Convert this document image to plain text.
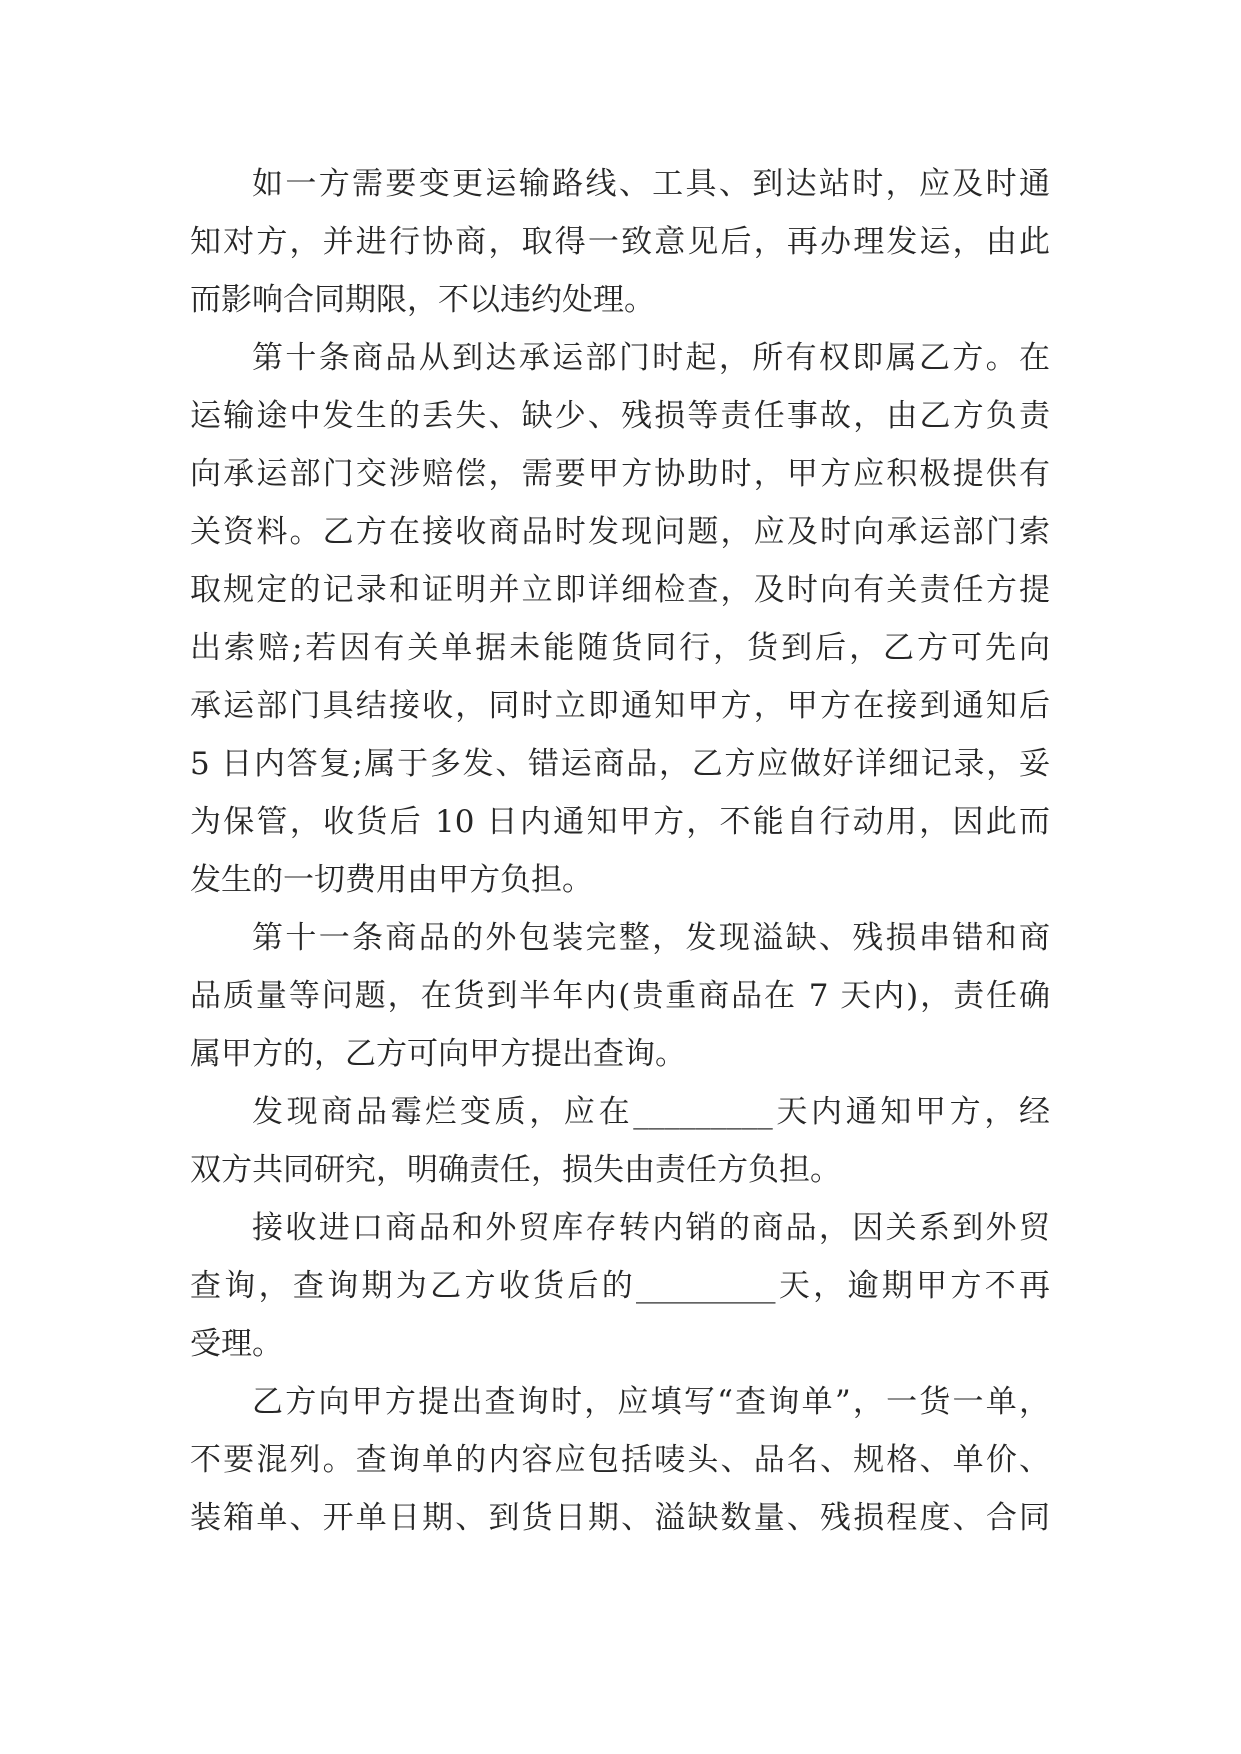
如一方需要变更运输路线、工具、到达站时，应及时通
知对方，并进行协商，取得一致意见后，再办理发运，由此
而影响合同期限，不以违约处理。
第十条商品从到达承运部门时起，所有权即属乙方。在
运输途中发生的丢失、缺少、残损等责任事故，由乙方负责
向承运部门交涉赔偿，需要甲方协助时，甲方应积极提供有
关资料。乙方在接收商品时发现问题，应及时向承运部门索
取规定的记录和证明并立即详细检查，及时向有关责任方提
出索赔;若因有关单据未能随货同行，货到后，乙方可先向
承运部门具结接收，同时立即通知甲方，甲方在接到通知后
5 日内答复;属于多发、错运商品，乙方应做好详细记录，妥
为保管，收货后 10 日内通知甲方，不能自行动用，因此而
发生的一切费用由甲方负担。
第十一条商品的外包装完整，发现溢缺、残损串错和商
品质量等问题，在货到半年内(贵重商品在 7 天内)，责任确
属甲方的，乙方可向甲方提出查询。
发现商品霉烂变质，应在_________天内通知甲方，经
双方共同研究，明确责任，损失由责任方负担。
接收进口商品和外贸库存转内销的商品，因关系到外贸
查询，查询期为乙方收货后的_________天，逾期甲方不再
受理。
乙方向甲方提出查询时，应填写“查询单”，一货一单，
不要混列。查询单的内容应包括唛头、品名、规格、单价、
装箱单、开单日期、到货日期、溢缺数量、残损程度、合同
